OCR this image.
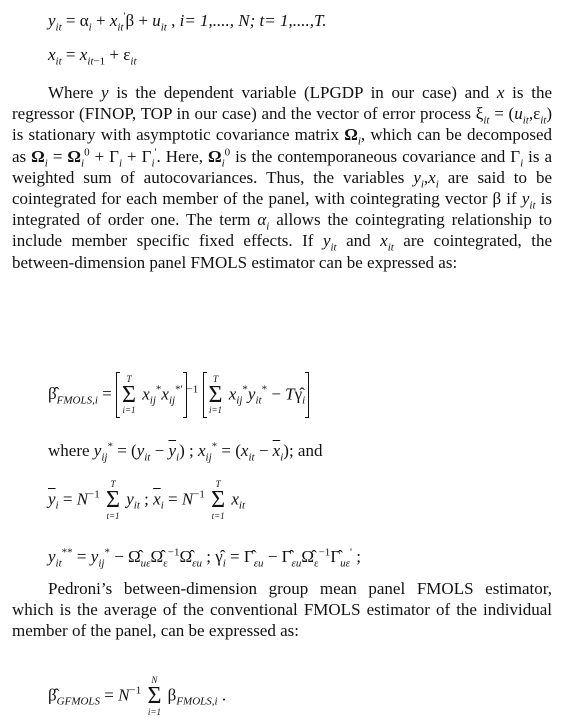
$y_{it} = \alpha_i + x_{it}'\beta + u_{it}$ , i= 1,...., N; t= 1,....,T.
$x_{it} = x_{it-1} + \varepsilon_{it}$

Where y is the dependent variable (LPGDP in our case) and x is the regressor (FINOP, TOP in our case) and the vector of error process $\xi_{it} = (u_{it},\varepsilon_{it})$ is stationary with asymptotic covariance matrix $\Omega_i$, which can be decomposed as $\Omega_i = \Omega_i^0 + \Gamma_i + \Gamma_i'$. Here, $\Omega_i^0$ is the contemporaneous covariance and $\Gamma_i$ is a weighted sum of autocovariances. Thus, the variables $y_i,x_i$ are said to be cointegrated for each member of the panel, with cointegrating vector β if $y_{it}$ is integrated of order one. The term $\alpha_i$ allows the cointegrating relationship to include member specific fixed effects. If $y_{it}$ and $x_{it}$ are cointegrated, the between-dimension panel FMOLS estimator can be expressed as:

$\betâ_{FMOLS,i}$ =
T
Σ
i=1
$x_{ij}^*x_{ij}^{*'}$ $^{-1}$
T
Σ
i=1
$x_{ij}^*y_{it}^*$ − $T\gammâ_i$
where $y_{ij}^* = (y_{it} - \overline{y}_i)$ ; $x_{ij}^* = (x_{it} - \overline{x}_i)$; and
$\overline{y}_i = N^{-1}$
T
Σ
t=1
$y_{it}$ ; $\overline{x}_i = N^{-1}$
T
Σ
t=1
$x_{it}$
$y_{it}^{**} = y_{ij}^*$ − $\Omegâ_{u\varepsilon}\Omegâ_\varepsilon^{-1}\Omegâ_{\varepsilon u}$ ; $\gammâ_i$ = $\Gammâ_{\varepsilon u}$ − $\Gammâ_{\varepsilon u}\Omegâ_\varepsilon^{-1}\Gammâ_{u\varepsilon}'$ ;

Pedroni’s between-dimension group mean panel FMOLS estimator, which is the average of the conventional FMOLS estimator of the individual member of the panel, can be expressed as:

$\betâ_{GFMOLS} = N^{-1}$
N
Σ
i=1
$\beta_{FMOLS,i}$ .
